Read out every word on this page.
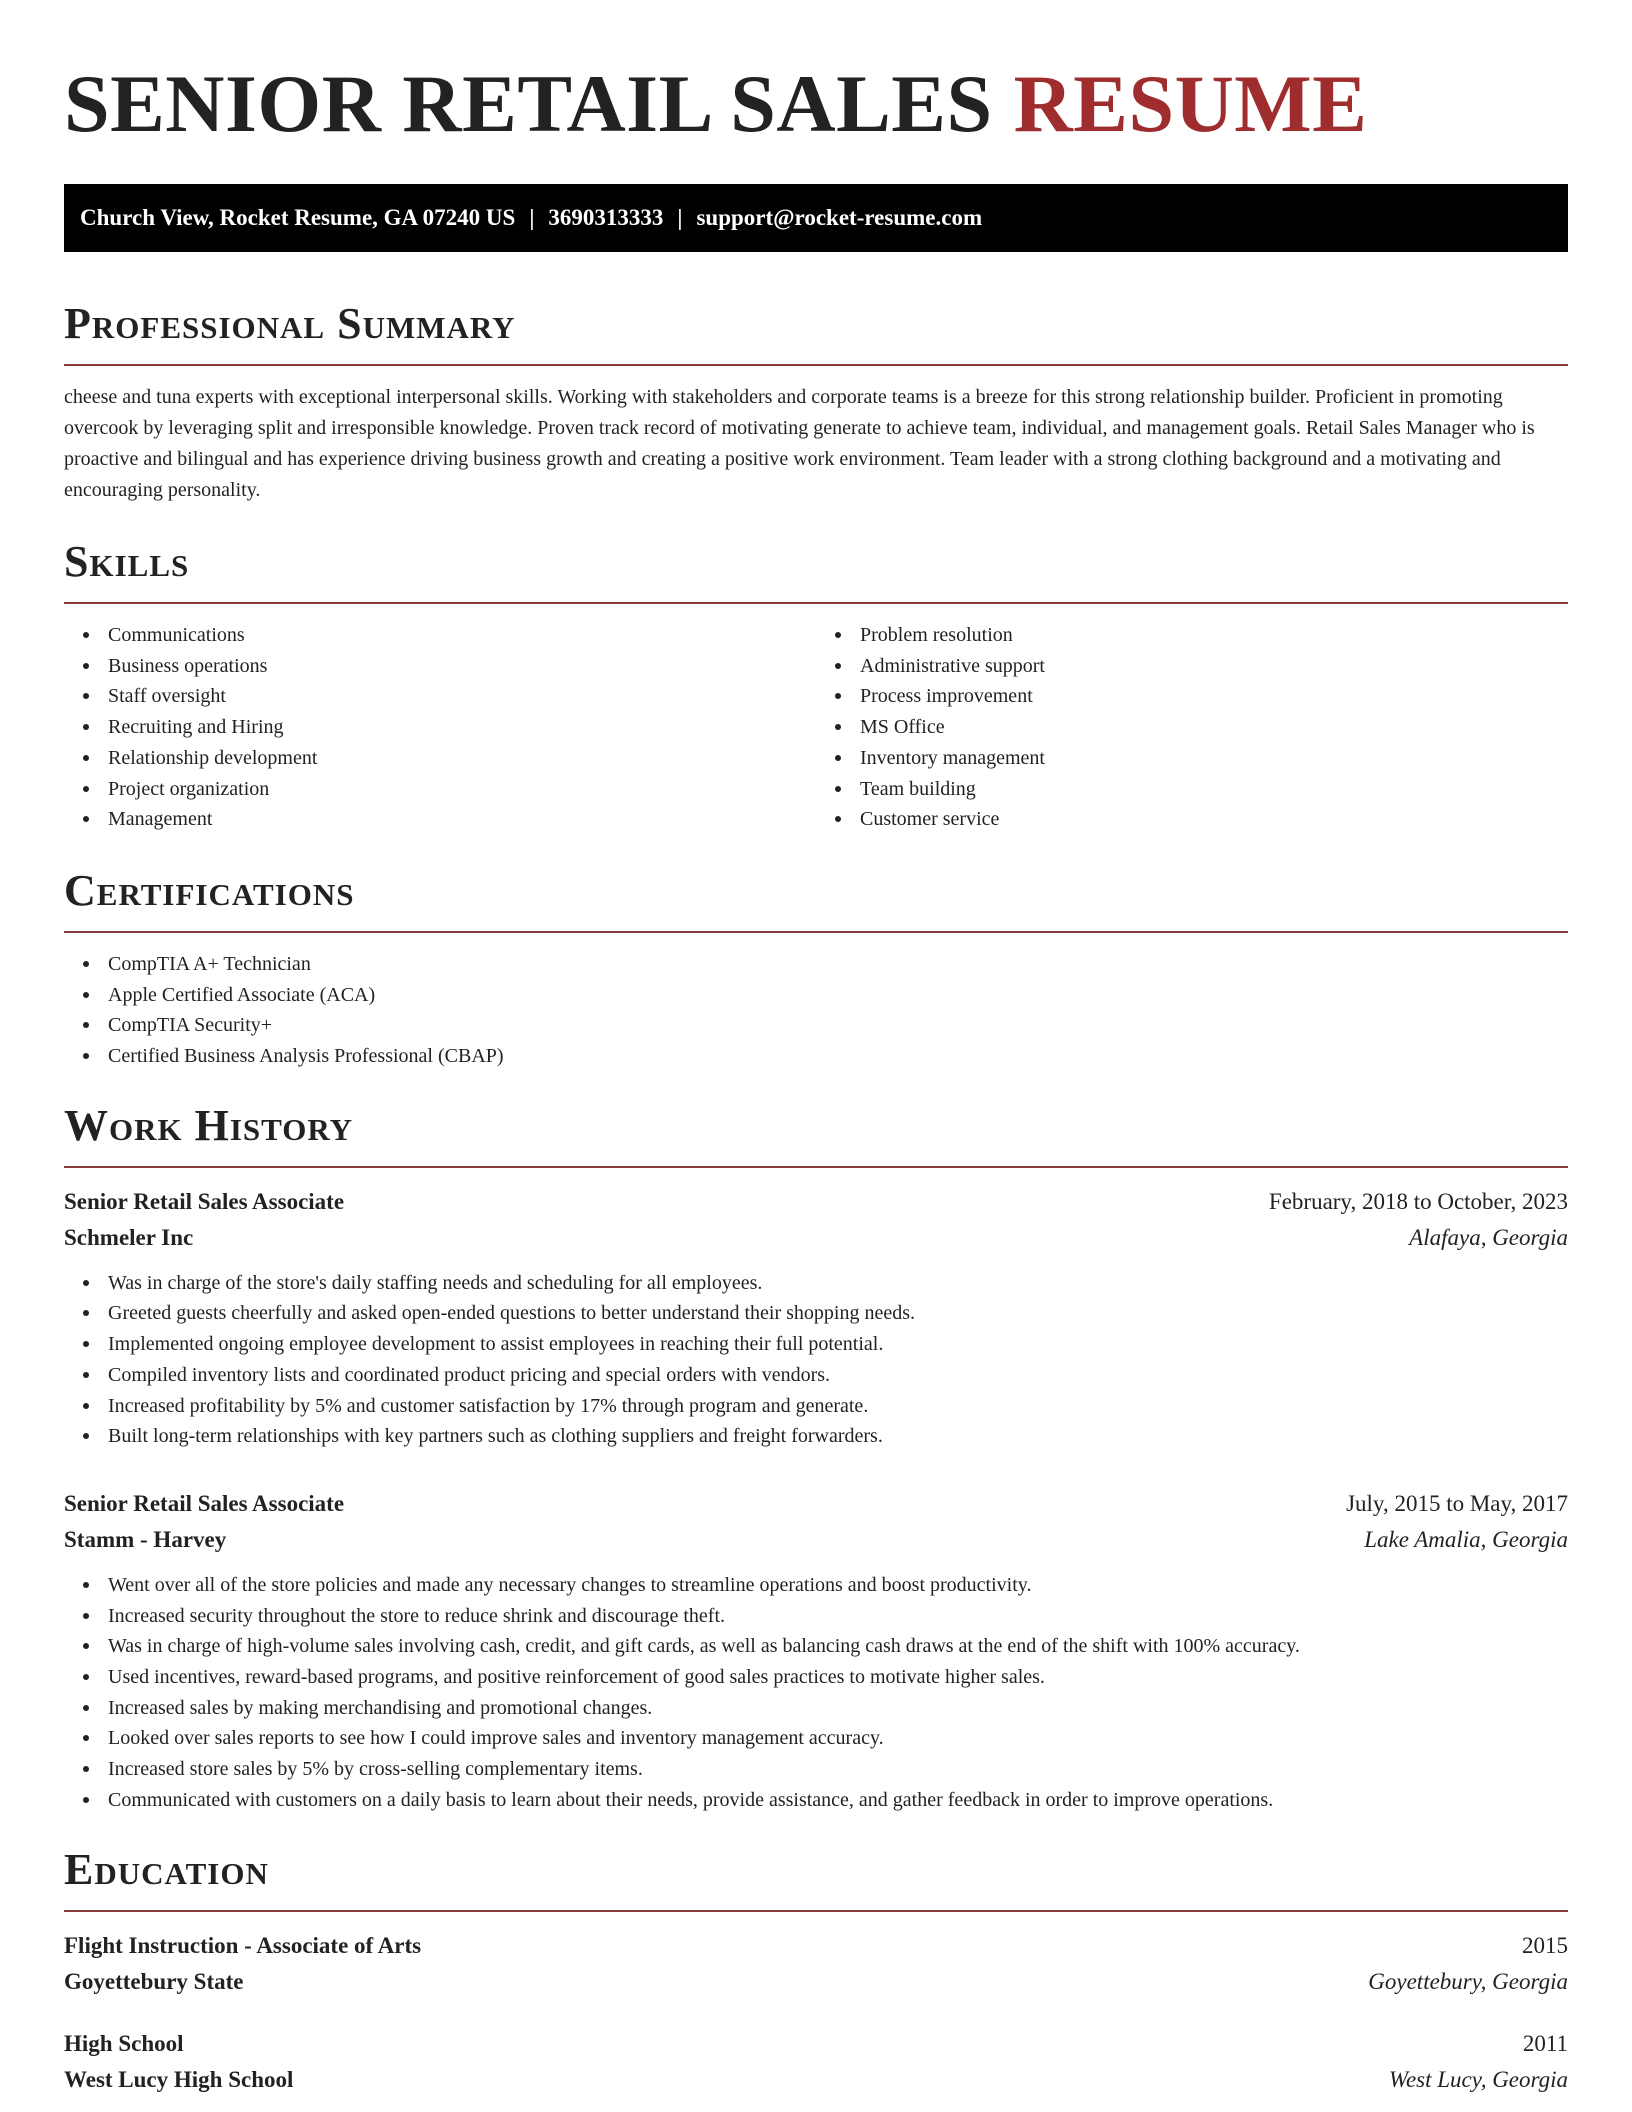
SENIOR RETAIL SALES RESUME
Church View, Rocket Resume, GA 07240 US | 3690313333 | support@rocket-resume.com
Professional Summary

cheese and tuna experts with exceptional interpersonal skills. Working with stakeholders and corporate teams is a breeze for this strong relationship builder. Proficient in promoting overcook by leveraging split and irresponsible knowledge. Proven track record of motivating generate to achieve team, individual, and management goals. Retail Sales Manager who is proactive and bilingual and has experience driving business growth and creating a positive work environment. Team leader with a strong clothing background and a motivating and encouraging personality.

Skills
Communications
Business operations
Staff oversight
Recruiting and Hiring
Relationship development
Project organization
Management
Problem resolution
Administrative support
Process improvement
MS Office
Inventory management
Team building
Customer service
Certifications
CompTIA A+ Technician
Apple Certified Associate (ACA)
CompTIA Security+
Certified Business Analysis Professional (CBAP)
Work History
Senior Retail Sales Associate	February, 2018 to October, 2023
Schmeler Inc	Alafaya, Georgia
Was in charge of the store's daily staffing needs and scheduling for all employees.
Greeted guests cheerfully and asked open-ended questions to better understand their shopping needs.
Implemented ongoing employee development to assist employees in reaching their full potential.
Compiled inventory lists and coordinated product pricing and special orders with vendors.
Increased profitability by 5% and customer satisfaction by 17% through program and generate.
Built long-term relationships with key partners such as clothing suppliers and freight forwarders.
Senior Retail Sales Associate	July, 2015 to May, 2017
Stamm - Harvey	Lake Amalia, Georgia
Went over all of the store policies and made any necessary changes to streamline operations and boost productivity.
Increased security throughout the store to reduce shrink and discourage theft.
Was in charge of high-volume sales involving cash, credit, and gift cards, as well as balancing cash draws at the end of the shift with 100% accuracy.
Used incentives, reward-based programs, and positive reinforcement of good sales practices to motivate higher sales.
Increased sales by making merchandising and promotional changes.
Looked over sales reports to see how I could improve sales and inventory management accuracy.
Increased store sales by 5% by cross-selling complementary items.
Communicated with customers on a daily basis to learn about their needs, provide assistance, and gather feedback in order to improve operations.
Education
Flight Instruction - Associate of Arts	2015
Goyettebury State	Goyettebury, Georgia
High School	2011
West Lucy High School	West Lucy, Georgia
